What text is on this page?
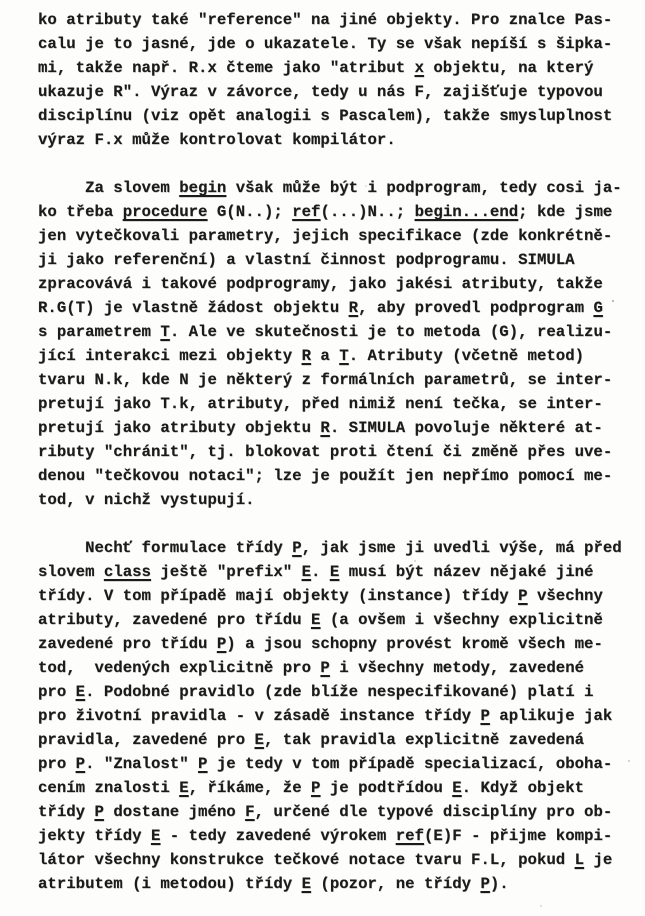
ko atributy také "reference" na jiné objekty. Pro znalce Pas-
calu je to jasné, jde o ukazatele. Ty se však nepíší s šipka-
mi, takže např. R.x čteme jako "atribut x objektu, na který
ukazuje R". Výraz v závorce, tedy u nás F, zajišťuje typovou
disciplínu (viz opět analogii s Pascalem), takže smysluplnost
výraz F.x může kontrolovat kompilátor.
Za slovem begin však může být i podprogram, tedy cosi ja-
ko třeba procedure G(N..); ref(...)N..; begin...end; kde jsme
jen vytečkovali parametry, jejich specifikace (zde konkrétně-
ji jako referenční) a vlastní činnost podprogramu. SIMULA
zpracovává i takové podprogramy, jako jakési atributy, takže
R.G(T) je vlastně žádost objektu R, aby provedl podprogram G
s parametrem T. Ale ve skutečnosti je to metoda (G), realizu-
jící interakci mezi objekty R a T. Atributy (včetně metod)
tvaru N.k, kde N je některý z formálních parametrů, se inter-
pretují jako T.k, atributy, před nimiž není tečka, se inter-
pretují jako atributy objektu R. SIMULA povoluje některé at-
ributy "chránit", tj. blokovat proti čtení či změně přes uve-
denou "tečkovou notaci"; lze je použít jen nepřímo pomocí me-
tod, v nichž vystupují.
Nechť formulace třídy P, jak jsme ji uvedli výše, má před
slovem class ještě "prefix" E. E musí být název nějaké jiné
třídy. V tom případě mají objekty (instance) třídy P všechny
atributy, zavedené pro třídu E (a ovšem i všechny explicitně
zavedené pro třídu P) a jsou schopny provést kromě všech me-
tod,  vedených explicitně pro P i všechny metody, zavedené
pro E. Podobné pravidlo (zde blíže nespecifikované) platí i
pro životní pravidla - v zásadě instance třídy P aplikuje jak
pravidla, zavedené pro E, tak pravidla explicitně zavedená
pro P. "Znalost" P je tedy v tom případě specializací, oboha-
cením znalosti E, říkáme, že P je podtřídou E. Když objekt
třídy P dostane jméno F, určené dle typové disciplíny pro ob-
jekty třídy E - tedy zavedené výrokem ref(E)F - přijme kompi-
látor všechny konstrukce tečkové notace tvaru F.L, pokud L je
atributem (i metodou) třídy E (pozor, ne třídy P).
